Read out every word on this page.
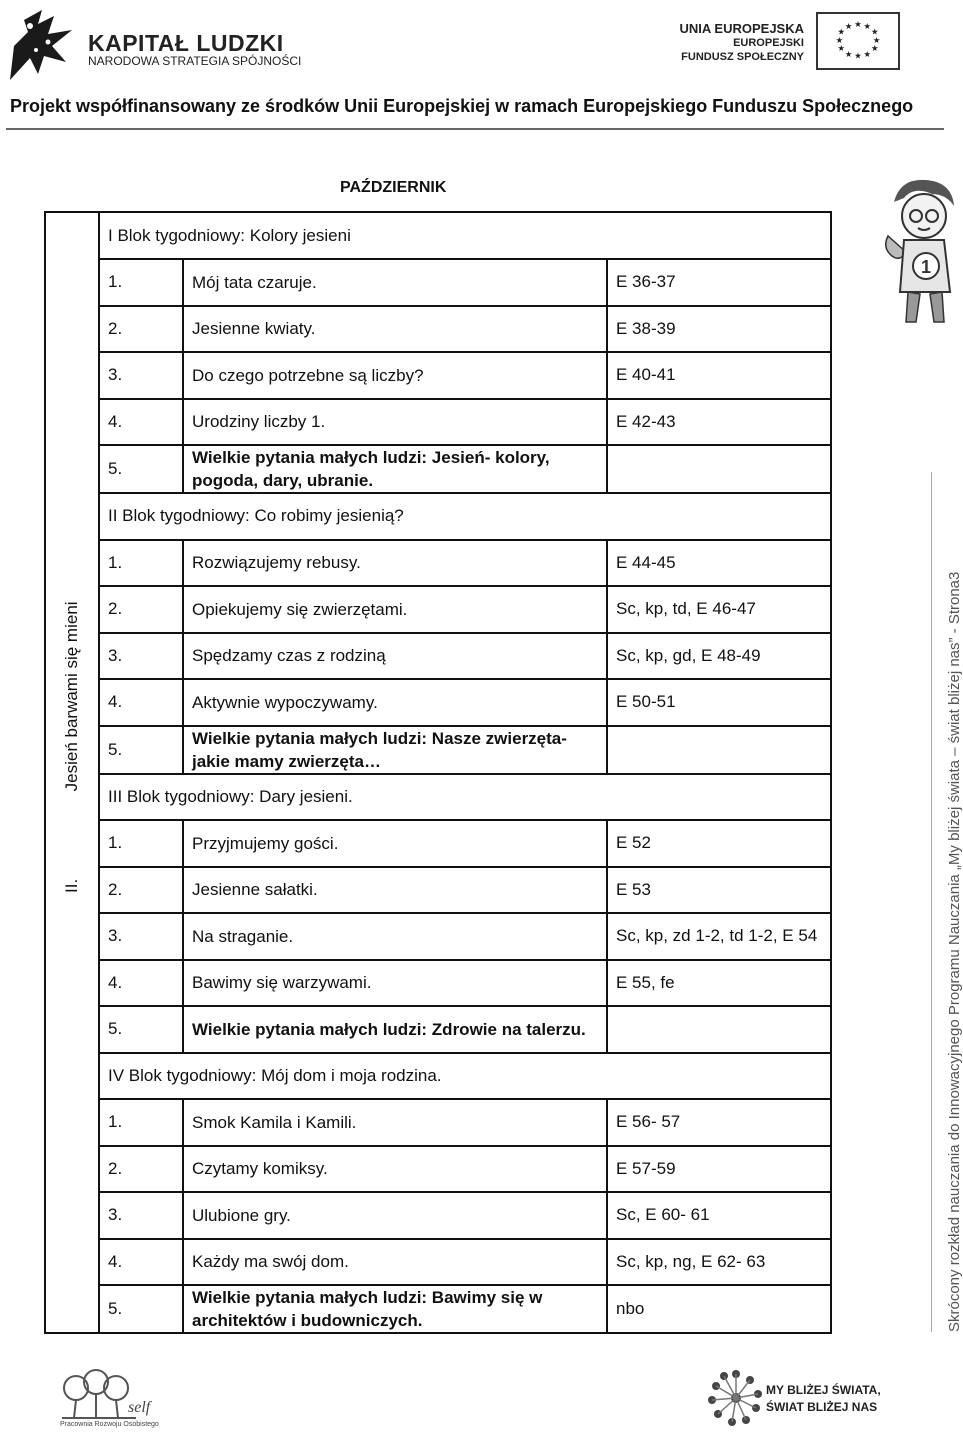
KAPITAŁ LUDZKI
NARODOWA STRATEGIA SPÓJNOŚCI
UNIA EUROPEJSKA
EUROPEJSKI
FUNDUSZ SPOŁECZNY
★ ★
★
★
★
★
★
★
★
★
★
★
Projekt współfinansowany ze środków Unii Europejskiej w ramach Europejskiego Funduszu Społecznego
PAŹDZIERNIK
1
II.  Jesień barwami się mieni	I Blok tygodniowy: Kolory jesieni		
	1.	Mój tata czaruje.	E 36-37
	2.	Jesienne kwiaty.	E 38-39
	3.	Do czego potrzebne są liczby?	E 40-41
	4.	Urodziny liczby 1.	E 42-43
	5.	Wielkie pytania małych ludzi: Jesień- kolory, pogoda, dary, ubranie.	
	II Blok tygodniowy: Co robimy jesienią?		
	1.	Rozwiązujemy rebusy.	E 44-45
	2.	Opiekujemy się zwierzętami.	Sc, kp, td, E 46-47
	3.	Spędzamy czas z rodziną	Sc, kp, gd, E 48-49
	4.	Aktywnie wypoczywamy.	E 50-51
	5.	Wielkie pytania małych ludzi: Nasze zwierzęta- jakie mamy zwierzęta…	
	III Blok tygodniowy: Dary jesieni.		
	1.	Przyjmujemy gości.	E 52
	2.	Jesienne sałatki.	E 53
	3.	Na straganie.	Sc, kp, zd 1-2, td 1-2, E 54
	4.	Bawimy się warzywami.	E 55, fe
	5.	Wielkie pytania małych ludzi: Zdrowie na talerzu.	
	IV Blok tygodniowy: Mój dom i moja rodzina.		
	1.	Smok Kamila i Kamili.	E 56- 57
	2.	Czytamy komiksy.	E 57-59
	3.	Ulubione gry.	Sc, E 60- 61
	4.	Każdy ma swój dom.	Sc, kp, ng, E 62- 63
	5.	Wielkie pytania małych ludzi: Bawimy się w architektów i budowniczych.	nbo	Skrócony rozkład nauczania do Innowacyjnego Programu Nauczania „My bliżej świata – świat bliżej nas” - Strona3
self
Pracownia Rozwoju Osobistego
MY BLIŻEJ ŚWIATA,
ŚWIAT BLIŻEJ NAS
